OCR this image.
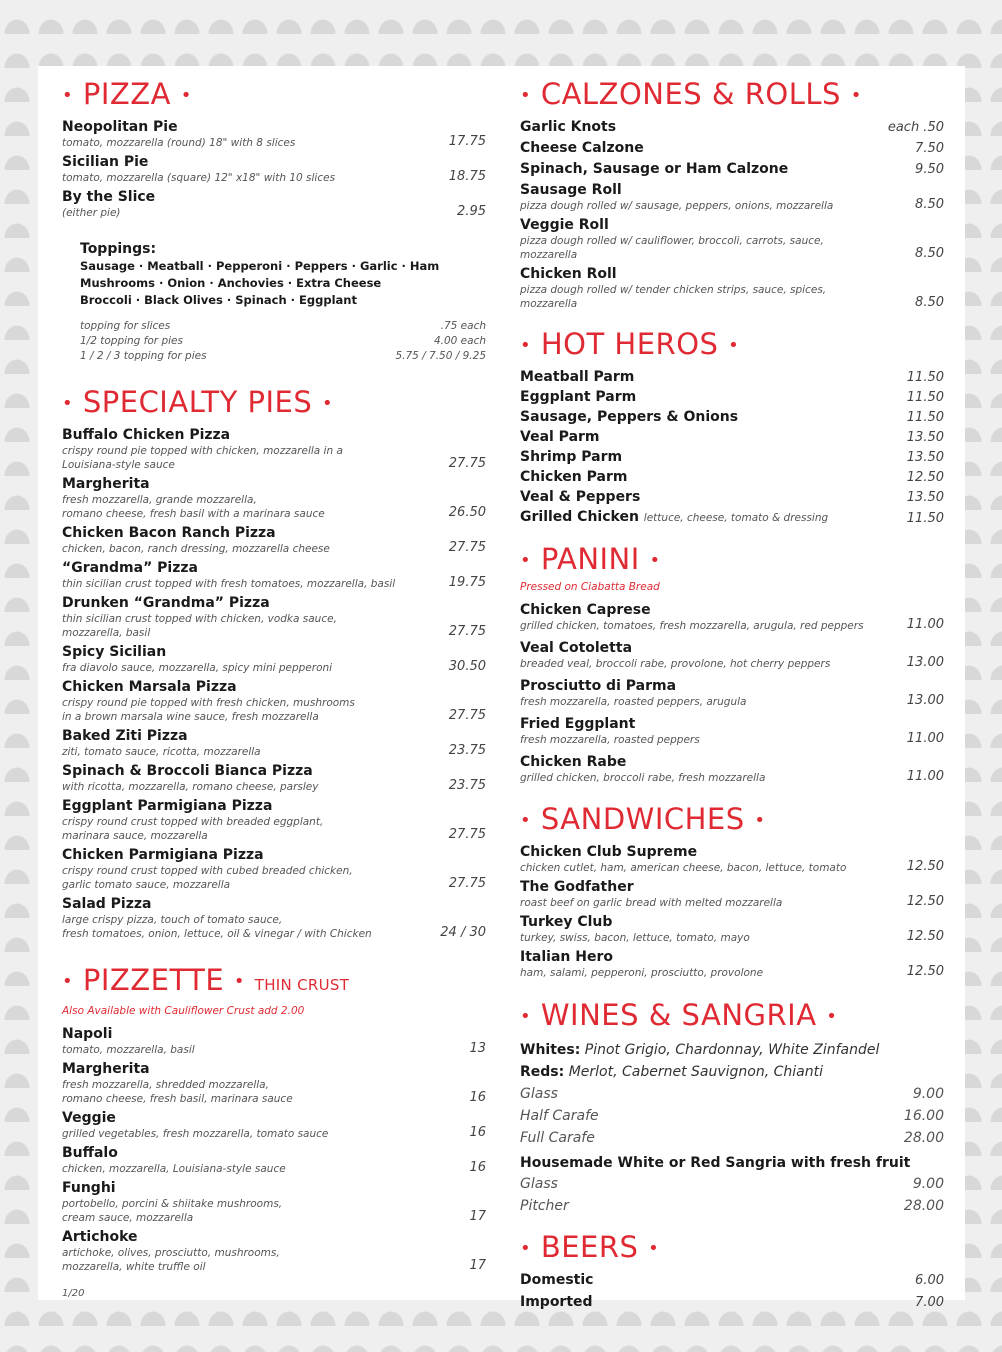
• PIZZA •
Neopolitan Pie
tomato, mozzarella (round) 18" with 8 slices	17.75
Sicilian Pie
tomato, mozzarella (square) 12" x18" with 10 slices	18.75
By the Slice
(either pie)	2.95
Toppings:
Sausage · Meatball · Pepperoni · Peppers · Garlic · Ham
Mushrooms · Onion · Anchovies · Extra Cheese
Broccoli · Black Olives · Spinach · Eggplant
topping for slices	.75 each
1/2 topping for pies	4.00 each
1 / 2 / 3 topping for pies	5.75 / 7.50 / 9.25
• SPECIALTY PIES •
Buffalo Chicken Pizza
crispy round pie topped with chicken, mozzarella in a
Louisiana-style sauce	27.75
Margherita
fresh mozzarella, grande mozzarella,
romano cheese, fresh basil with a marinara sauce	26.50
Chicken Bacon Ranch Pizza
chicken, bacon, ranch dressing, mozzarella cheese	27.75
“Grandma” Pizza
thin sicilian crust topped with fresh tomatoes, mozzarella, basil	19.75
Drunken “Grandma” Pizza
thin sicilian crust topped with chicken, vodka sauce,
mozzarella, basil	27.75
Spicy Sicilian
fra diavolo sauce, mozzarella, spicy mini pepperoni	30.50
Chicken Marsala Pizza
crispy round pie topped with fresh chicken, mushrooms
in a brown marsala wine sauce, fresh mozzarella	27.75
Baked Ziti Pizza
ziti, tomato sauce, ricotta, mozzarella	23.75
Spinach & Broccoli Bianca Pizza
with ricotta, mozzarella, romano cheese, parsley	23.75
Eggplant Parmigiana Pizza
crispy round crust topped with breaded eggplant,
marinara sauce, mozzarella	27.75
Chicken Parmigiana Pizza
crispy round crust topped with cubed breaded chicken,
garlic tomato sauce, mozzarella	27.75
Salad Pizza
large crispy pizza, touch of tomato sauce,
fresh tomatoes, onion, lettuce, oil & vinegar / with Chicken	24 / 30
• PIZZETTE • THIN CRUST
Also Available with Cauliflower Crust add 2.00
Napoli
tomato, mozzarella, basil	13
Margherita
fresh mozzarella, shredded mozzarella,
romano cheese, fresh basil, marinara sauce	16
Veggie
grilled vegetables, fresh mozzarella, tomato sauce	16
Buffalo
chicken, mozzarella, Louisiana-style sauce	16
Funghi
portobello, porcini & shiitake mushrooms,
cream sauce, mozzarella	17
Artichoke
artichoke, olives, prosciutto, mushrooms,
mozzarella, white truffle oil	17
• CALZONES & ROLLS •
Garlic Knots	each .50
Cheese Calzone	7.50
Spinach, Sausage or Ham Calzone	9.50
Sausage Roll
pizza dough rolled w/ sausage, peppers, onions, mozzarella	8.50
Veggie Roll
pizza dough rolled w/ cauliflower, broccoli, carrots, sauce, mozzarella	8.50
Chicken Roll
pizza dough rolled w/ tender chicken strips, sauce, spices, mozzarella	8.50
• HOT HEROS •
Meatball Parm	11.50
Eggplant Parm	11.50
Sausage, Peppers & Onions	11.50
Veal Parm	13.50
Shrimp Parm	13.50
Chicken Parm	12.50
Veal & Peppers	13.50
Grilled Chicken lettuce, cheese, tomato & dressing	11.50
• PANINI •
Pressed on Ciabatta Bread
Chicken Caprese
grilled chicken, tomatoes, fresh mozzarella, arugula, red peppers	11.00
Veal Cotoletta
breaded veal, broccoli rabe, provolone, hot cherry peppers	13.00
Prosciutto di Parma
fresh mozzarella, roasted peppers, arugula	13.00
Fried Eggplant
fresh mozzarella, roasted peppers	11.00
Chicken Rabe
grilled chicken, broccoli rabe, fresh mozzarella	11.00
• SANDWICHES •
Chicken Club Supreme
chicken cutlet, ham, american cheese, bacon, lettuce, tomato	12.50
The Godfather
roast beef on garlic bread with melted mozzarella	12.50
Turkey Club
turkey, swiss, bacon, lettuce, tomato, mayo	12.50
Italian Hero
ham, salami, pepperoni, prosciutto, provolone	12.50
• WINES & SANGRIA •
Whites: Pinot Grigio, Chardonnay, White Zinfandel
Reds: Merlot, Cabernet Sauvignon, Chianti
Glass	9.00
Half Carafe	16.00
Full Carafe	28.00
Housemade White or Red Sangria with fresh fruit
Glass	9.00
Pitcher	28.00
• BEERS •
Domestic	6.00
Imported	7.00
1/20
